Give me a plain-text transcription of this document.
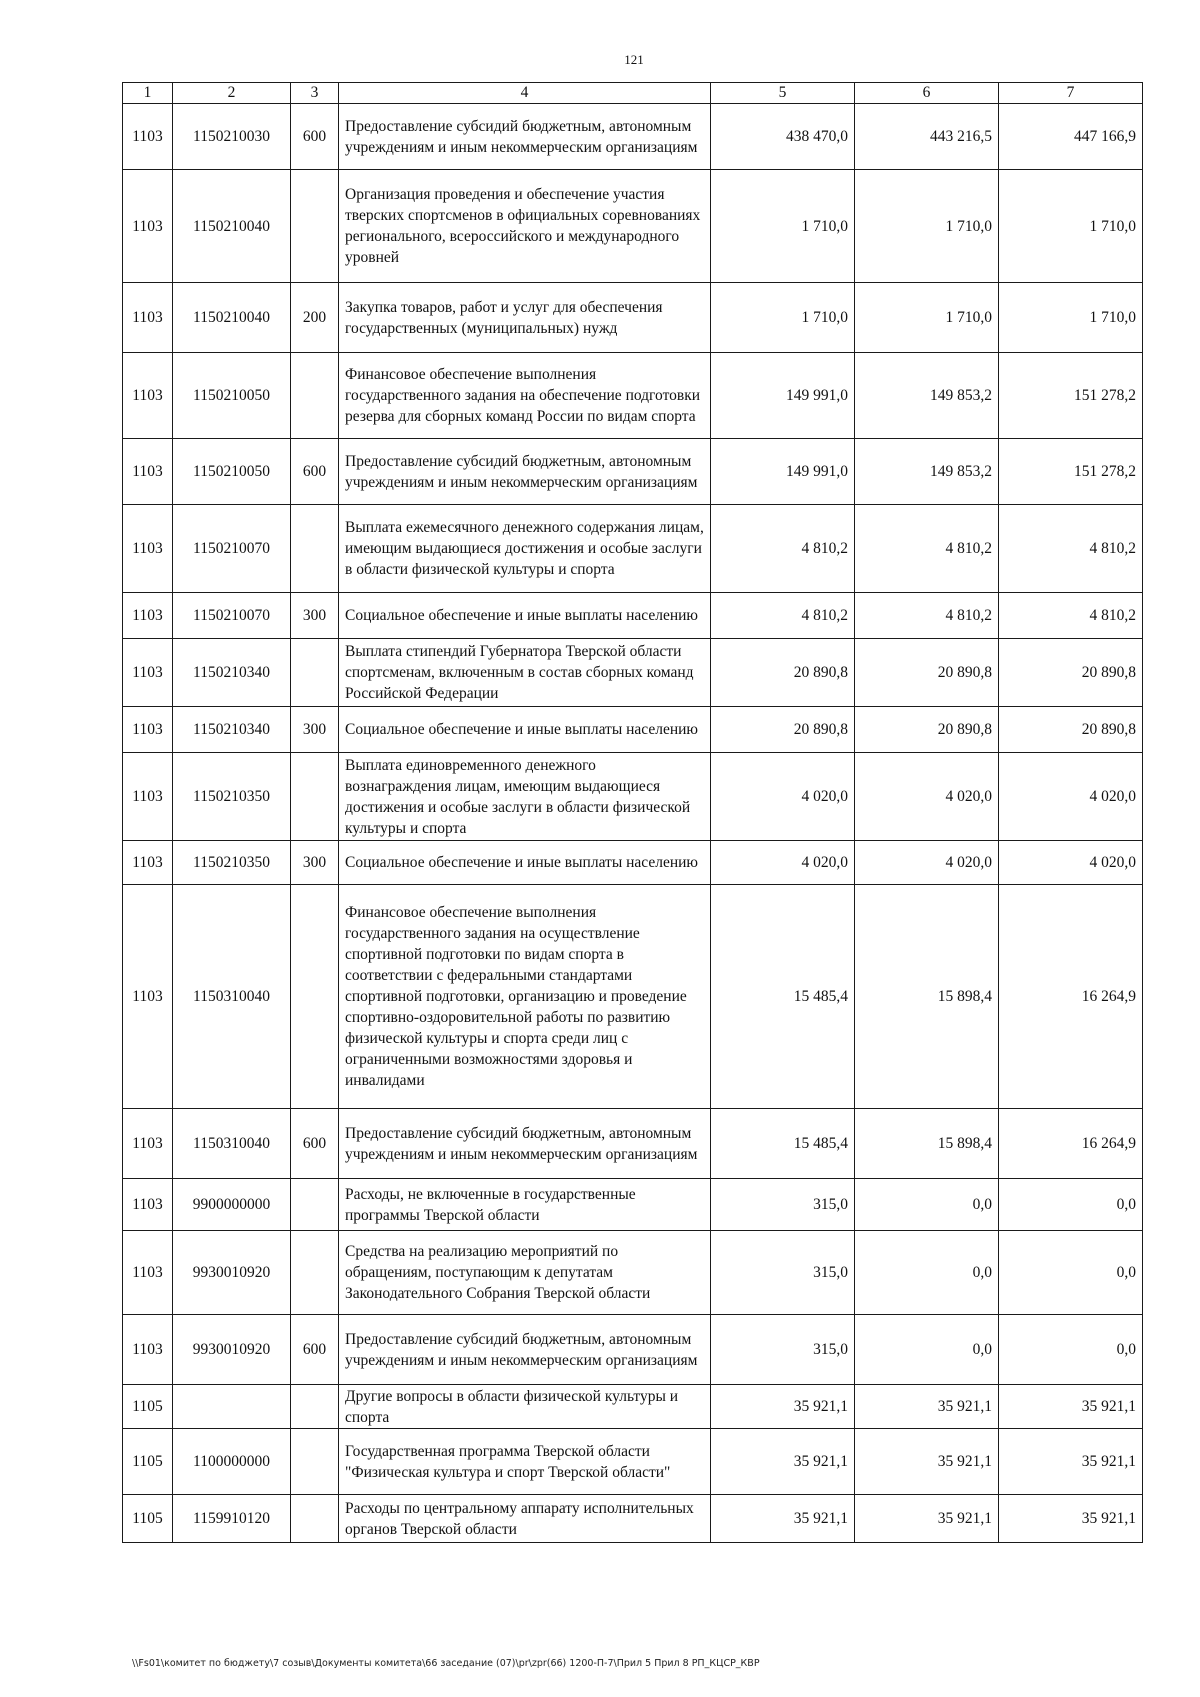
121
1	2	3	4	5	6	7
1103	1150210030	600	Предоставление субсидий бюджетным, автономным учреждениям и иным некоммерческим организациям	438 470,0	443 216,5	447 166,9
1103	1150210040		Организация проведения и обеспечение участия тверских спортсменов в официальных соревнованиях регионального, всероссийского и международного уровней	1 710,0	1 710,0	1 710,0
1103	1150210040	200	Закупка товаров, работ и услуг для обеспечения государственных (муниципальных) нужд	1 710,0	1 710,0	1 710,0
1103	1150210050		Финансовое обеспечение выполнения государственного задания на обеспечение подготовки резерва для сборных команд России по видам спорта	149 991,0	149 853,2	151 278,2
1103	1150210050	600	Предоставление субсидий бюджетным, автономным учреждениям и иным некоммерческим организациям	149 991,0	149 853,2	151 278,2
1103	1150210070		Выплата ежемесячного денежного содержания лицам, имеющим выдающиеся достижения и особые заслуги в области физической культуры и спорта	4 810,2	4 810,2	4 810,2
1103	1150210070	300	Социальное обеспечение и иные выплаты населению	4 810,2	4 810,2	4 810,2
1103	1150210340		Выплата стипендий Губернатора Тверской области спортсменам, включенным в состав сборных команд Российской Федерации	20 890,8	20 890,8	20 890,8
1103	1150210340	300	Социальное обеспечение и иные выплаты населению	20 890,8	20 890,8	20 890,8
1103	1150210350		Выплата единовременного денежного вознаграждения лицам, имеющим выдающиеся достижения и особые заслуги в области физической культуры и спорта	4 020,0	4 020,0	4 020,0
1103	1150210350	300	Социальное обеспечение и иные выплаты населению	4 020,0	4 020,0	4 020,0
1103	1150310040		Финансовое обеспечение выполнения государственного задания на осуществление спортивной подготовки по видам спорта в соответствии с федеральными стандартами спортивной подготовки, организацию и проведение спортивно-оздоровительной работы по развитию физической культуры и спорта среди лиц с ограниченными возможностями здоровья и инвалидами	15 485,4	15 898,4	16 264,9
1103	1150310040	600	Предоставление субсидий бюджетным, автономным учреждениям и иным некоммерческим организациям	15 485,4	15 898,4	16 264,9
1103	9900000000		Расходы, не включенные в государственные программы Тверской области	315,0	0,0	0,0
1103	9930010920		Средства на реализацию мероприятий по обращениям, поступающим к депутатам Законодательного Собрания Тверской области	315,0	0,0	0,0
1103	9930010920	600	Предоставление субсидий бюджетным, автономным учреждениям и иным некоммерческим организациям	315,0	0,0	0,0
1105			Другие вопросы в области физической культуры и спорта	35 921,1	35 921,1	35 921,1
1105	1100000000		Государственная программа Тверской области "Физическая культура и спорт Тверской области"	35 921,1	35 921,1	35 921,1
1105	1159910120		Расходы по центральному аппарату исполнительных органов Тверской области	35 921,1	35 921,1	35 921,1
\\Fs01\комитет по бюджету\7 созыв\Документы комитета\66 заседание (07)\pr\zpr(66) 1200-П-7\Прил 5 Прил 8 РП_КЦСР_КВР
